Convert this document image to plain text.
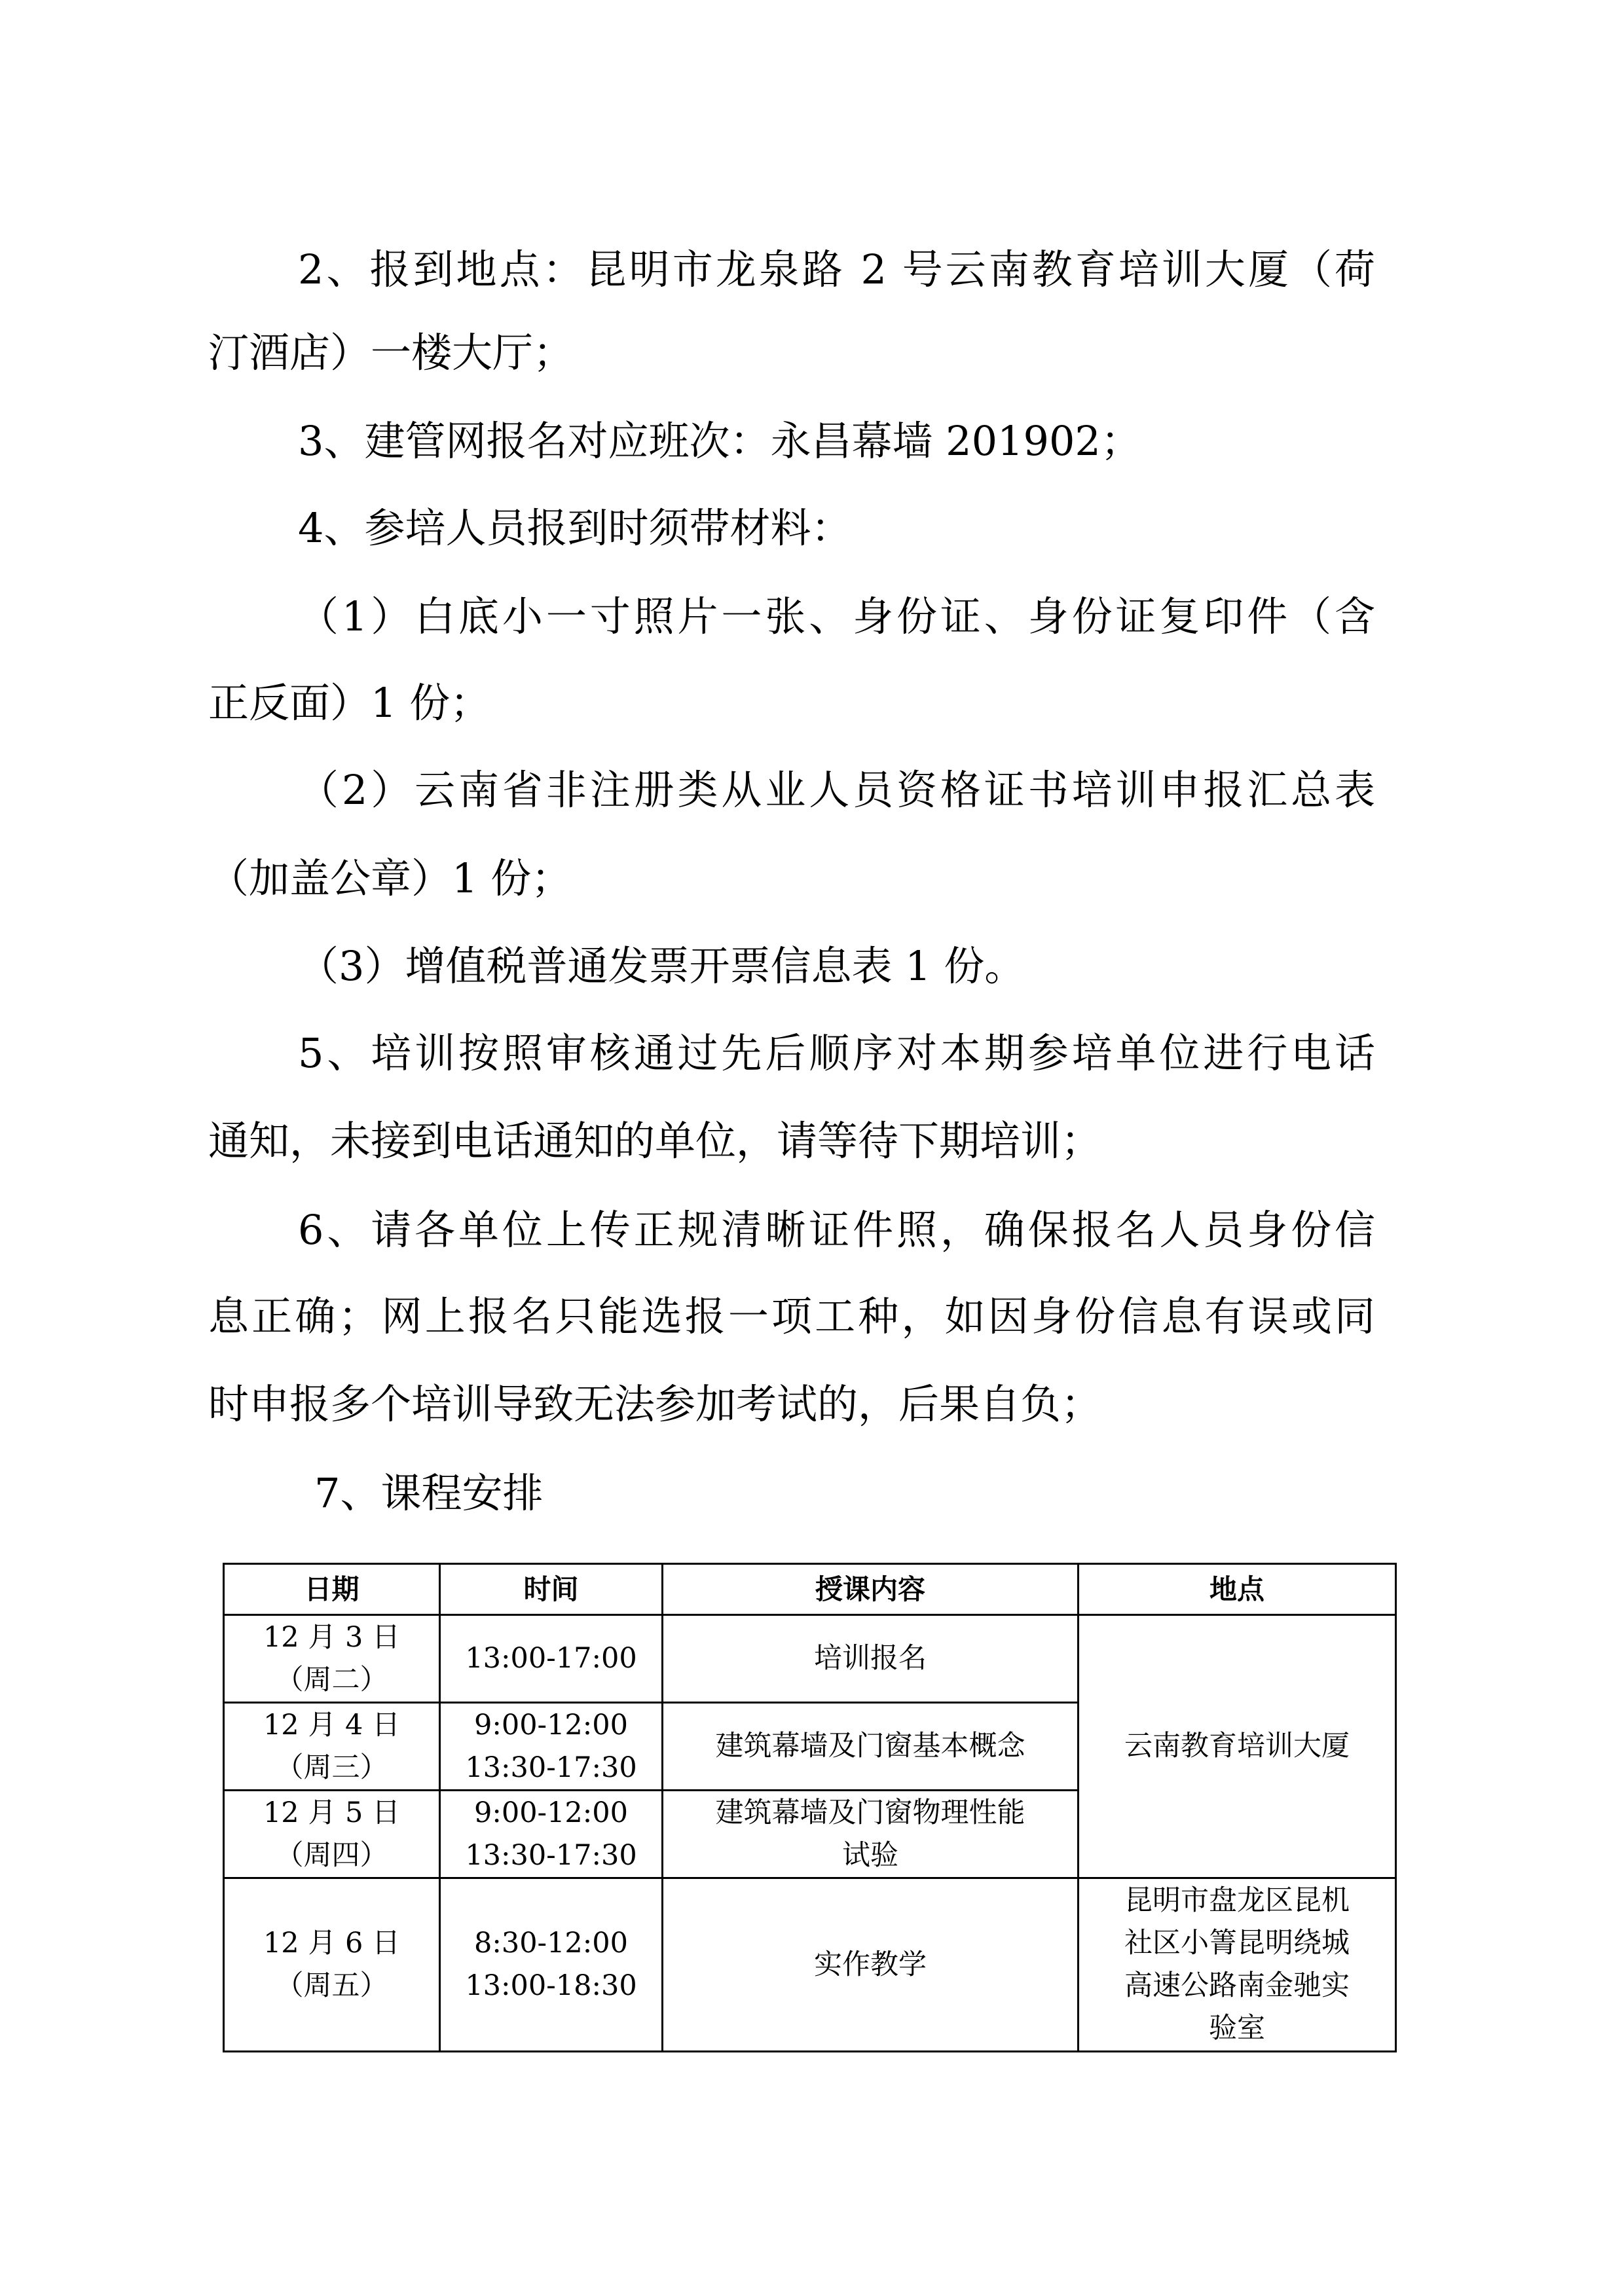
2、报到地点：昆明市龙泉路 2 号云南教育培训大厦（荷
汀酒店）一楼大厅；
3、建管网报名对应班次：永昌幕墙 201902；
4、参培人员报到时须带材料：
（1）白底小一寸照片一张、身份证、身份证复印件（含
正反面）1 份；
（2）云南省非注册类从业人员资格证书培训申报汇总表
（加盖公章）1 份；
（3）增值税普通发票开票信息表 1 份。
5、培训按照审核通过先后顺序对本期参培单位进行电话
通知，未接到电话通知的单位，请等待下期培训；
6、请各单位上传正规清晰证件照，确保报名人员身份信
息正确；网上报名只能选报一项工种，如因身份信息有误或同
时申报多个培训导致无法参加考试的，后果自负；
7、课程安排
日期	时间	授课内容	地点

12 月 3 日
（周二）	13:00-17:00	培训报名	云南教育培训大厦

12 月 4 日
（周三）	9:00-12:00
13:30-17:30	建筑幕墙及门窗基本概念	

12 月 5 日
（周四）	9:00-12:00
13:30-17:30	建筑幕墙及门窗物理性能
试验	

12 月 6 日
（周五）	8:30-12:00
13:00-18:30	实作教学	昆明市盘龙区昆机
社区小箐昆明绕城
高速公路南金驰实
验室
